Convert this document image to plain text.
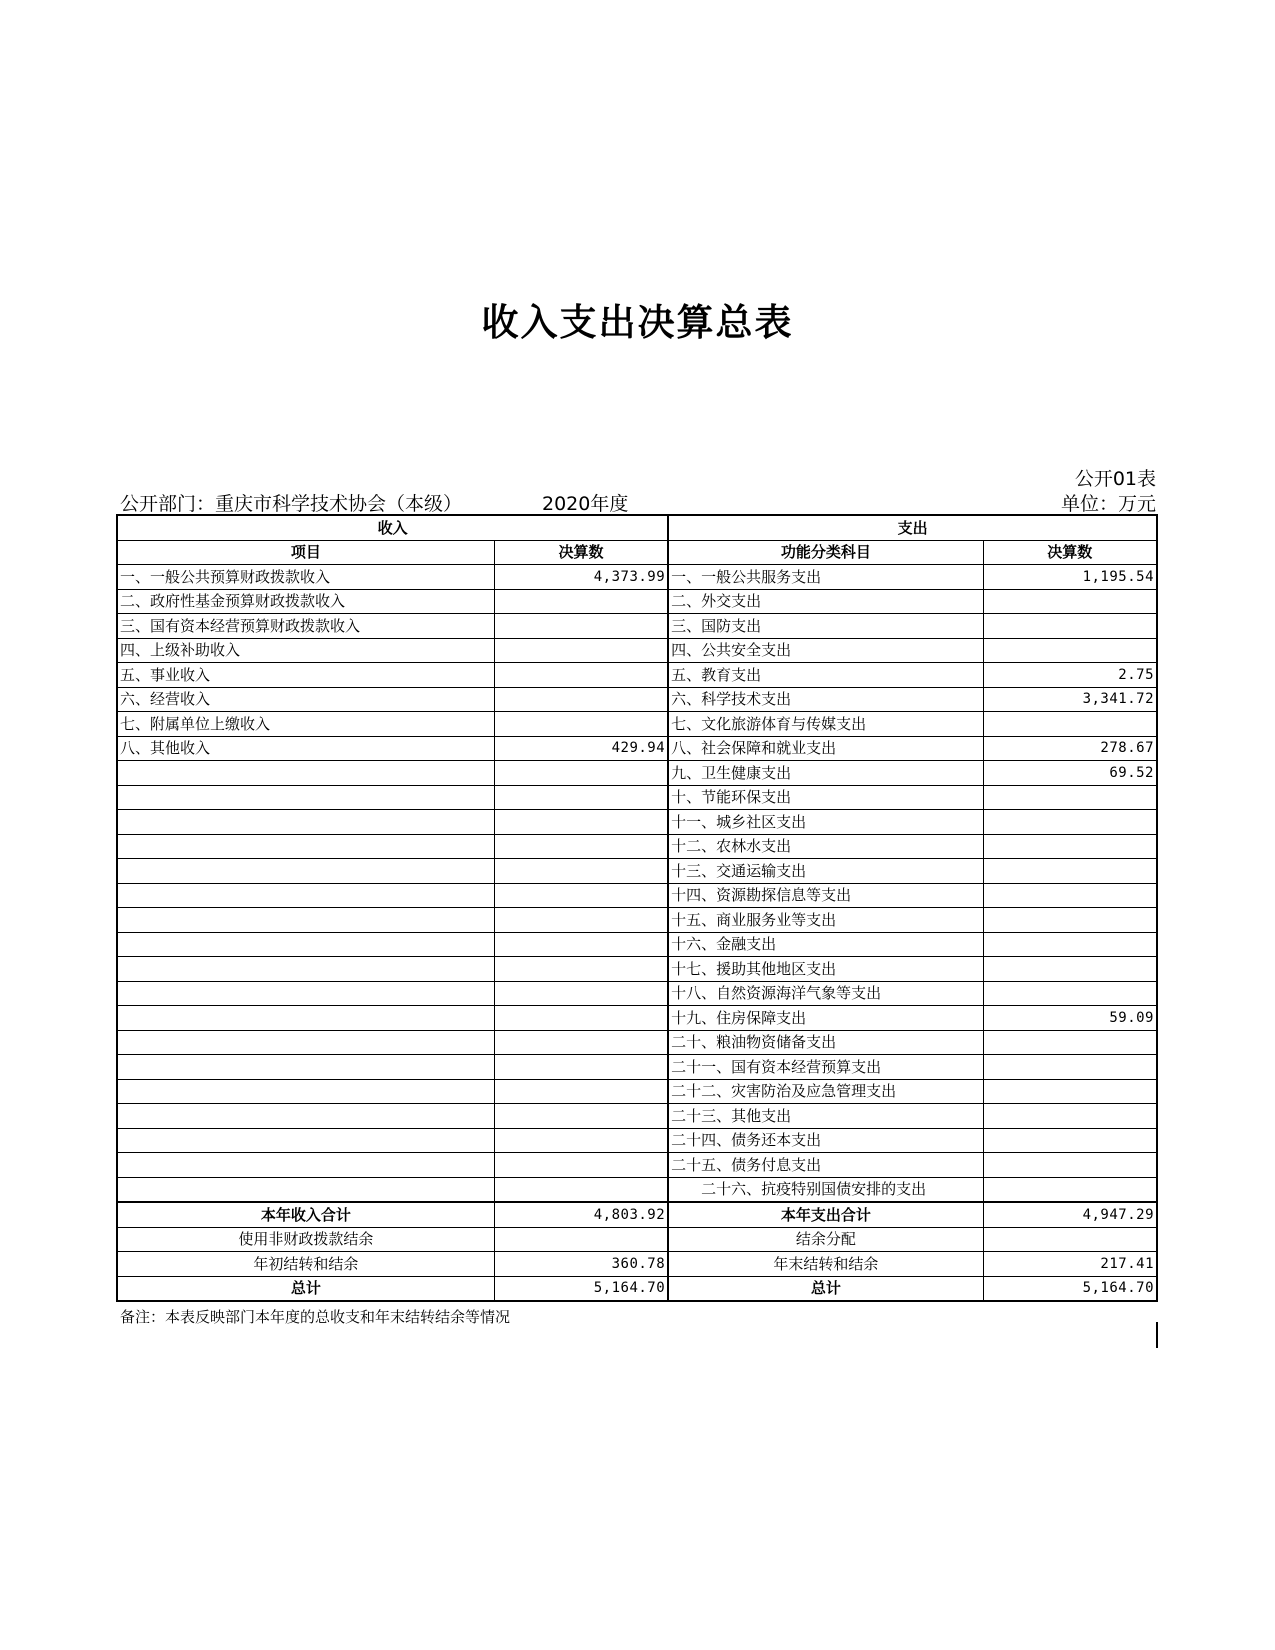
收入支出决算总表
公开01表
公开部门：重庆市科学技术协会（本级）	2020年度	单位：万元
收入		支出	
项目	决算数	功能分类科目	决算数
一、一般公共预算财政拨款收入	4,373.99	一、一般公共服务支出	1,195.54
二、政府性基金预算财政拨款收入		二、外交支出	
三、国有资本经营预算财政拨款收入		三、国防支出	
四、上级补助收入		四、公共安全支出	
五、事业收入		五、教育支出	2.75
六、经营收入		六、科学技术支出	3,341.72
七、附属单位上缴收入		七、文化旅游体育与传媒支出	
八、其他收入	429.94	八、社会保障和就业支出	278.67
		九、卫生健康支出	69.52
		十、节能环保支出	
		十一、城乡社区支出	
		十二、农林水支出	
		十三、交通运输支出	
		十四、资源勘探信息等支出	
		十五、商业服务业等支出	
		十六、金融支出	
		十七、援助其他地区支出	
		十八、自然资源海洋气象等支出	
		十九、住房保障支出	59.09
		二十、粮油物资储备支出	
		二十一、国有资本经营预算支出	
		二十二、灾害防治及应急管理支出	
		二十三、其他支出	
		二十四、债务还本支出	
		二十五、债务付息支出	
		二十六、抗疫特别国债安排的支出	
本年收入合计	4,803.92	本年支出合计	4,947.29
使用非财政拨款结余		结余分配	
年初结转和结余	360.78	年末结转和结余	217.41
总计	5,164.70	总计	5,164.70
备注：本表反映部门本年度的总收支和年末结转结余等情况
